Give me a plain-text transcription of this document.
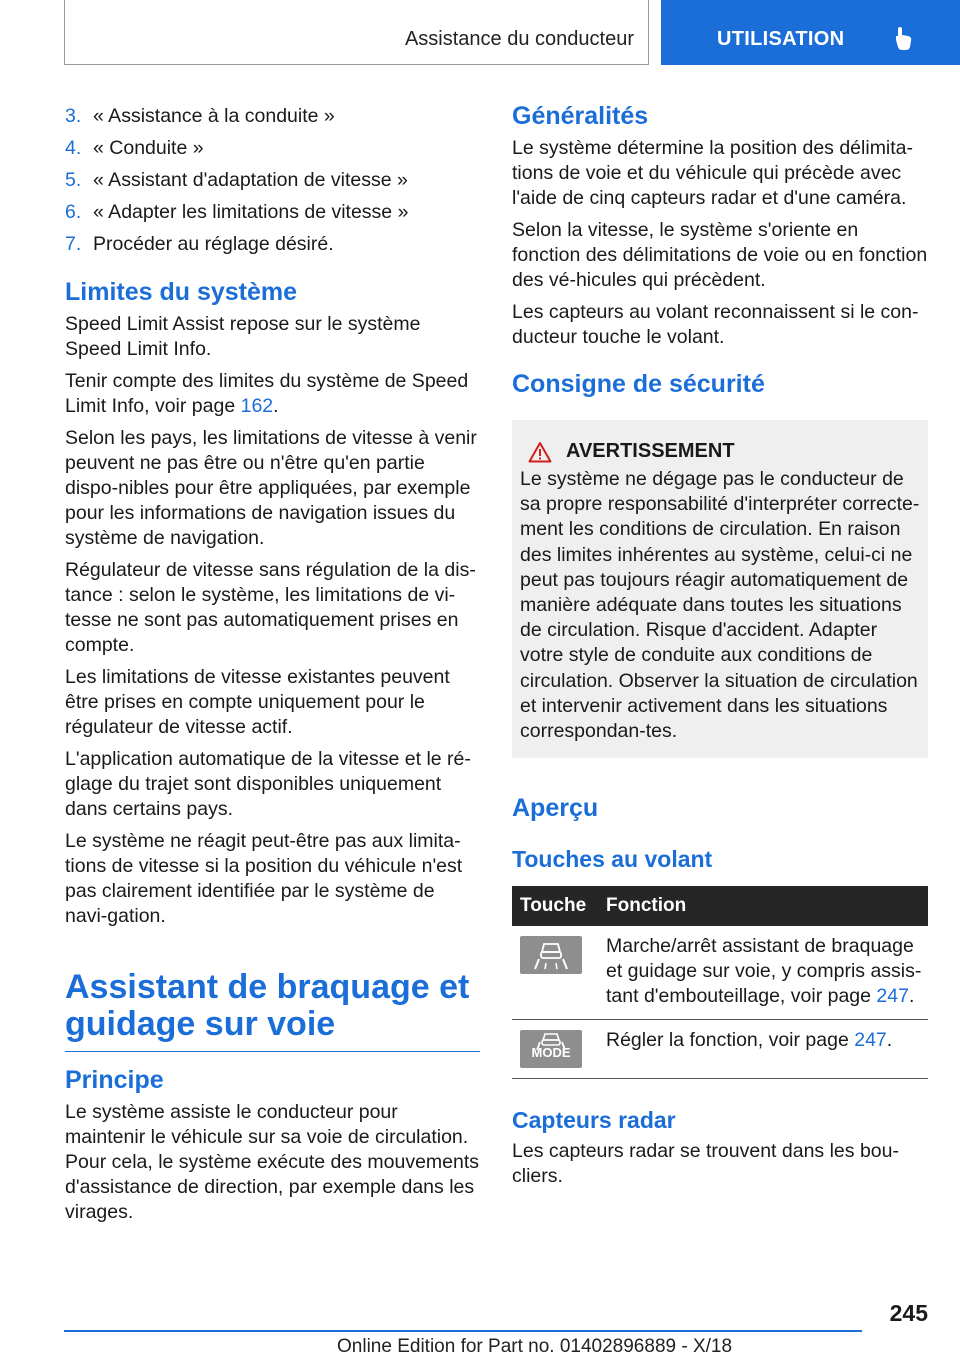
Assistance du conducteur	UTILISATION
3. « Assistance à la conduite »
4. « Conduite »
5. « Assistant d'adaptation de vitesse »
6. « Adapter les limitations de vitesse »
7. Procéder au réglage désiré.
Limites du système

Speed Limit Assist repose sur le système Speed Limit Info.

Tenir compte des limites du système de Speed Limit Info, voir page 162.

Selon les pays, les limitations de vitesse à venir peuvent ne pas être ou n'être qu'en partie dispo-nibles pour être appliquées, par exemple pour les informations de navigation issues du système de navigation.

Régulateur de vitesse sans régulation de la dis-tance : selon le système, les limitations de vi-tesse ne sont pas automatiquement prises en compte.

Les limitations de vitesse existantes peuvent être prises en compte uniquement pour le régulateur de vitesse actif.

L'application automatique de la vitesse et le ré-glage du trajet sont disponibles uniquement dans certains pays.

Le système ne réagit peut-être pas aux limita-tions de vitesse si la position du véhicule n'est pas clairement identifiée par le système de navi-gation.

Assistant de braquage et
guidage sur voie
Principe

Le système assiste le conducteur pour maintenir le véhicule sur sa voie de circulation. Pour cela, le système exécute des mouvements d'assistance de direction, par exemple dans les virages.

Généralités

Le système détermine la position des délimita-tions de voie et du véhicule qui précède avec l'aide de cinq capteurs radar et d'une caméra.

Selon la vitesse, le système s'oriente en fonction des délimitations de voie ou en fonction des vé-hicules qui précèdent.

Les capteurs au volant reconnaissent si le con-ducteur touche le volant.

Consigne de sécurité
AVERTISSEMENT

Le système ne dégage pas le conducteur de sa propre responsabilité d'interpréter correcte-ment les conditions de circulation. En raison des limites inhérentes au système, celui-ci ne peut pas toujours réagir automatiquement de manière adéquate dans toutes les situations de circulation. Risque d'accident. Adapter votre style de conduite aux conditions de circulation. Observer la situation de circulation et intervenir activement dans les situations correspondan-tes.

Aperçu
Touches au volant
Touche	Fonction

	Marche/arrêt assistant de braquage et guidage sur voie, y compris assis-tant d'embouteillage, voir page 247.

MODE	Régler la fonction, voir page 247.
Capteurs radar

Les capteurs radar se trouvent dans les bou-cliers.

245
Online Edition for Part no. 01402896889 - X/18
